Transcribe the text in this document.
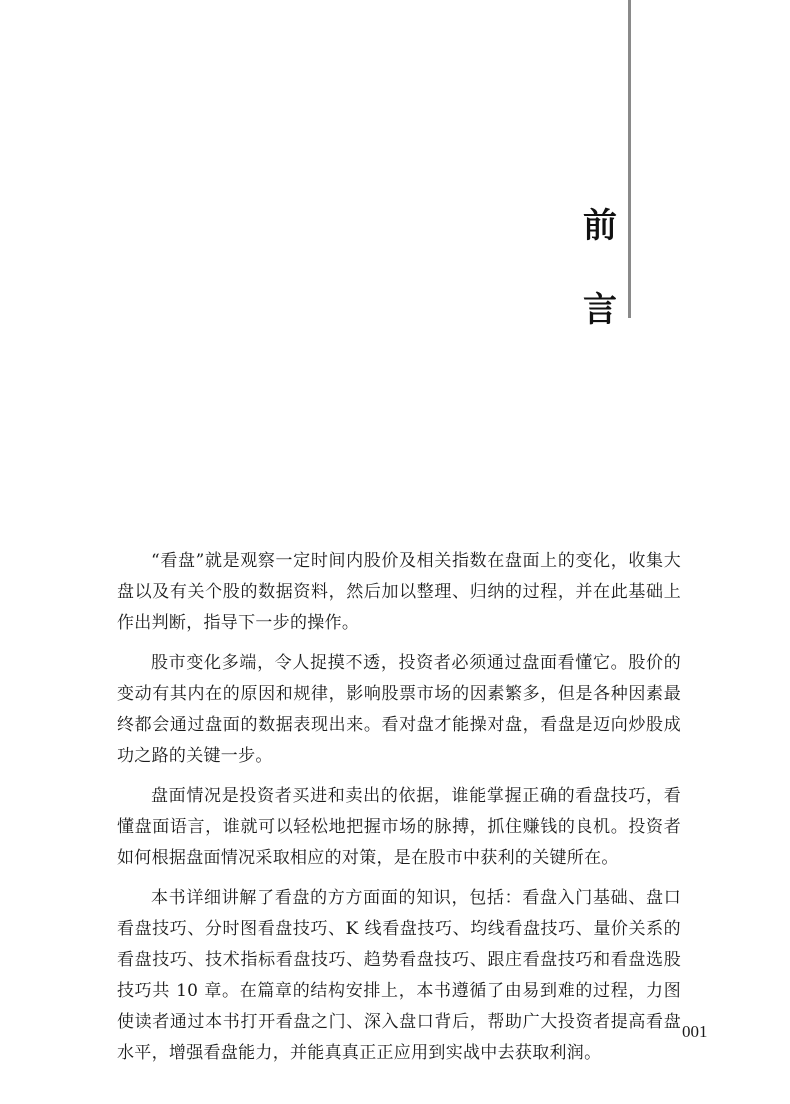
前
言

“看盘”就是观察一定时间内股价及相关指数在盘面上的变化，收集大盘以及有关个股的数据资料，然后加以整理、归纳的过程，并在此基础上作出判断，指导下一步的操作。

股市变化多端，令人捉摸不透，投资者必须通过盘面看懂它。股价的变动有其内在的原因和规律，影响股票市场的因素繁多，但是各种因素最终都会通过盘面的数据表现出来。看对盘才能操对盘，看盘是迈向炒股成功之路的关键一步。

盘面情况是投资者买进和卖出的依据，谁能掌握正确的看盘技巧，看懂盘面语言，谁就可以轻松地把握市场的脉搏，抓住赚钱的良机。投资者如何根据盘面情况采取相应的对策，是在股市中获利的关键所在。

本书详细讲解了看盘的方方面面的知识，包括：看盘入门基础、盘口看盘技巧、分时图看盘技巧、K 线看盘技巧、均线看盘技巧、量价关系的看盘技巧、技术指标看盘技巧、趋势看盘技巧、跟庄看盘技巧和看盘选股技巧共 10 章。在篇章的结构安排上，本书遵循了由易到难的过程，力图使读者通过本书打开看盘之门、深入盘口背后，帮助广大投资者提高看盘水平，增强看盘能力，并能真真正正应用到实战中去获取利润。

001
